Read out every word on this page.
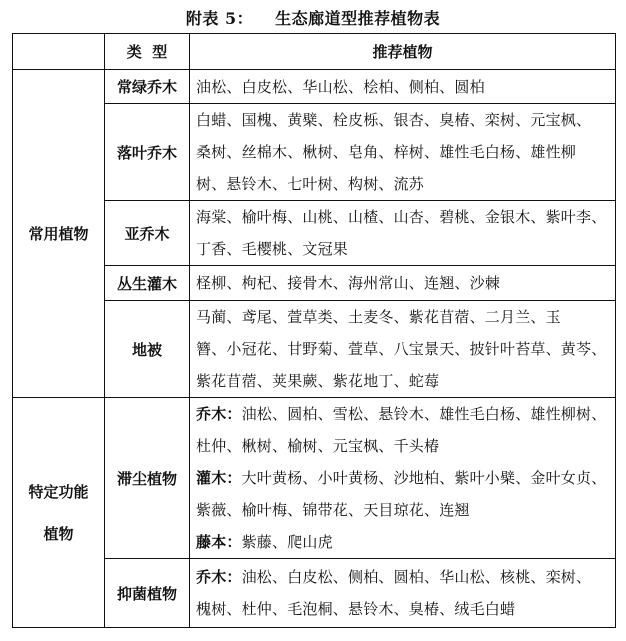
附表 5： 生态廊道型推荐植物表
	类  型	推荐植物
常用植物	常绿乔木	油松、白皮松、华山松、桧柏、侧柏、圆柏

	落叶乔木	白蜡、国槐、黄檗、栓皮栎、银杏、臭椿、栾树、元宝枫、
桑树、丝棉木、楸树、皂角、梓树、雄性毛白杨、雄性柳
树、悬铃木、七叶树、构树、流苏

	亚乔木	海棠、榆叶梅、山桃、山楂、山杏、碧桃、金银木、紫叶李、
丁香、毛樱桃、文冠果

	丛生灌木	柽柳、枸杞、接骨木、海州常山、连翘、沙棘

	地被	马蔺、鸢尾、萱草类、土麦冬、紫花苜蓿、二月兰、玉
簪、小冠花、甘野菊、萱草、八宝景天、披针叶苔草、黄芩、
紫花苜蓿、荚果蕨、紫花地丁、蛇莓

特定功能
植物	滞尘植物	乔木：油松、圆柏、雪松、悬铃木、雄性毛白杨、雄性柳树、
杜仲、楸树、榆树、元宝枫、千头椿
灌木：大叶黄杨、小叶黄杨、沙地柏、紫叶小檗、金叶女贞、
紫薇、榆叶梅、锦带花、天目琼花、连翘
藤本：紫藤、爬山虎

	抑菌植物	乔木：油松、白皮松、侧柏、圆柏、华山松、核桃、栾树、
槐树、杜仲、毛泡桐、悬铃木、臭椿、绒毛白蜡
